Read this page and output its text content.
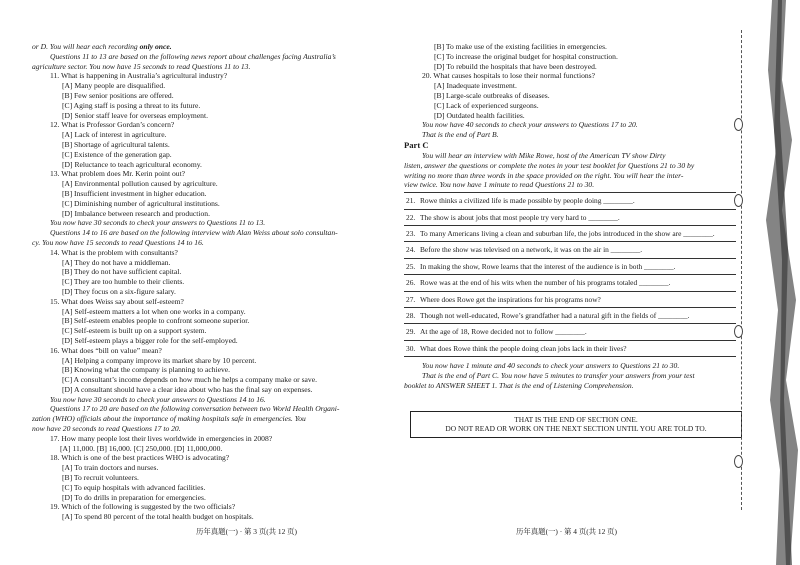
or D. You will hear each recording only once.
Questions 11 to 13 are based on the following news report about challenges facing Australia’s
agriculture sector. You now have 15 seconds to read Questions 11 to 13.
11. What is happening in Australia’s agricultural industry?
[A] Many people are disqualified.
[B] Few senior positions are offered.
[C] Aging staff is posing a threat to its future.
[D] Senior staff leave for overseas employment.
12. What is Professor Gordan’s concern?
[A] Lack of interest in agriculture.
[B] Shortage of agricultural talents.
[C] Existence of the generation gap.
[D] Reluctance to teach agricultural economy.
13. What problem does Mr. Kerin point out?
[A] Environmental pollution caused by agriculture.
[B] Insufficient investment in higher education.
[C] Diminishing number of agricultural institutions.
[D] Imbalance between research and production.
You now have 30 seconds to check your answers to Questions 11 to 13.
Questions 14 to 16 are based on the following interview with Alan Weiss about solo consultan-
cy. You now have 15 seconds to read Questions 14 to 16.
14. What is the problem with consultants?
[A] They do not have a middleman.
[B] They do not have sufficient capital.
[C] They are too humble to their clients.
[D] They focus on a six-figure salary.
15. What does Weiss say about self-esteem?
[A] Self-esteem matters a lot when one works in a company.
[B] Self-esteem enables people to confront someone superior.
[C] Self-esteem is built up on a support system.
[D] Self-esteem plays a bigger role for the self-employed.
16. What does “bill on value” mean?
[A] Helping a company improve its market share by 10 percent.
[B] Knowing what the company is planning to achieve.
[C] A consultant’s income depends on how much he helps a company make or save.
[D] A consultant should have a clear idea about who has the final say on expenses.
You now have 30 seconds to check your answers to Questions 14 to 16.
Questions 17 to 20 are based on the following conversation between two World Health Organi-
zation (WHO) officials about the importance of making hospitals safe in emergencies. You
now have 20 seconds to read Questions 17 to 20.
17. How many people lost their lives worldwide in emergencies in 2008?
[A] 11,000. [B] 16,000. [C] 250,000. [D] 11,000,000.
18. Which is one of the best practices WHO is advocating?
[A] To train doctors and nurses.
[B] To recruit volunteers.
[C] To equip hospitals with advanced facilities.
[D] To do drills in preparation for emergencies.
19. Which of the following is suggested by the two officials?
[A] To spend 80 percent of the total health budget on hospitals.
历年真题(一) · 第 3 页(共 12 页)
[B] To make use of the existing facilities in emergencies.
[C] To increase the original budget for hospital construction.
[D] To rebuild the hospitals that have been destroyed.
20. What causes hospitals to lose their normal functions?
[A] Inadequate investment.
[B] Large-scale outbreaks of diseases.
[C] Lack of experienced surgeons.
[D] Outdated health facilities.
You now have 40 seconds to check your answers to Questions 17 to 20.
That is the end of Part B.
Part C
You will hear an interview with Mike Rowe, host of the American TV show Dirty
listen, answer the questions or complete the notes in your test booklet for Questions 21 to 30 by
writing no more than three words in the space provided on the right. You will hear the inter-
view twice. You now have 1 minute to read Questions 21 to 30.
21.	Rowe thinks a civilized life is made possible by people doing ________.
22.	The show is about jobs that most people try very hard to ________.
23.	To many Americans living a clean and suburban life, the jobs introduced in the show are ________.
24.	Before the show was televised on a network, it was on the air in ________.
25.	In making the show, Rowe learns that the interest of the audience is in both ________.
26.	Rowe was at the end of his wits when the number of his programs totaled ________.
27.	Where does Rowe get the inspirations for his programs now?
28.	Though not well-educated, Rowe’s grandfather had a natural gift in the fields of ________.
29.	At the age of 18, Rowe decided not to follow ________.
30.	What does Rowe think the people doing clean jobs lack in their lives?
You now have 1 minute and 40 seconds to check your answers to Questions 21 to 30.
That is the end of Part C. You now have 5 minutes to transfer your answers from your test
booklet to ANSWER SHEET 1. That is the end of Listening Comprehension.
THAT IS THE END OF SECTION ONE.
DO NOT READ OR WORK ON THE NEXT SECTION UNTIL YOU ARE TOLD TO.
历年真题(一) · 第 4 页(共 12 页)
